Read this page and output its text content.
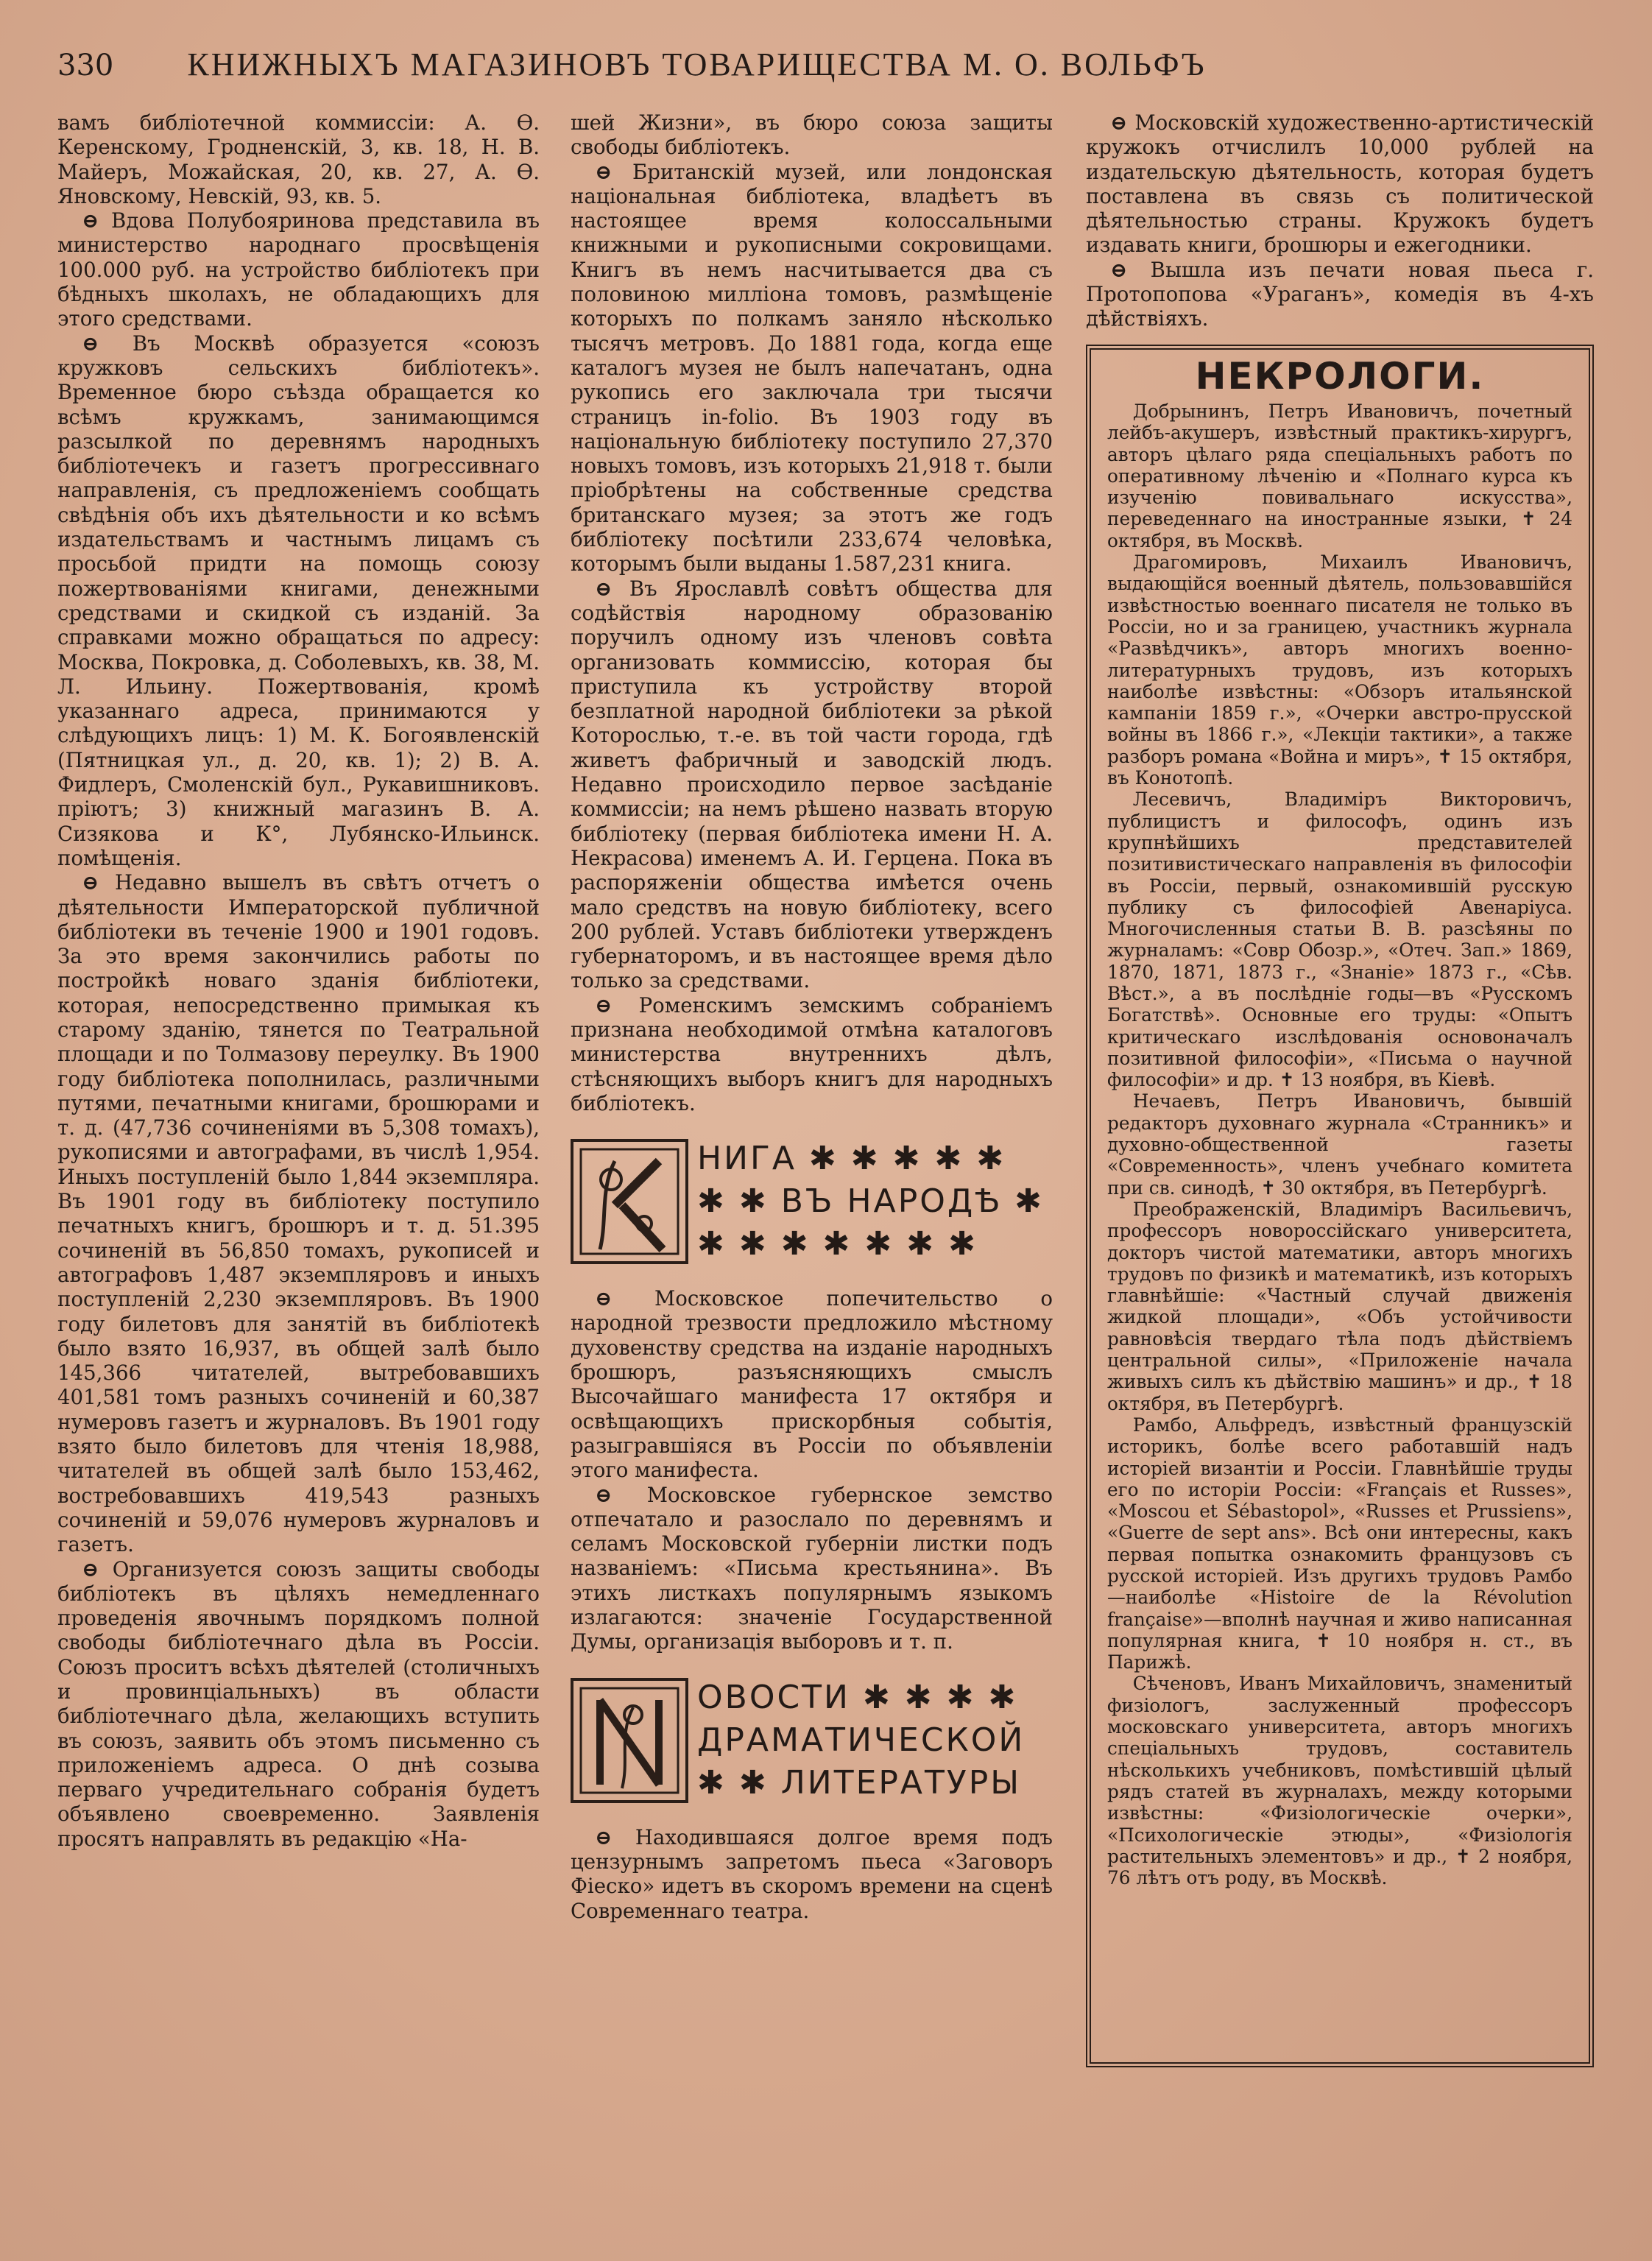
330 КНИЖНЫХЪ МАГАЗИНОВЪ ТОВАРИЩЕСТВА М. О. ВОЛЬФЪ

вамъ библіотечной коммиссіи: А. Ѳ. Керенскому, Гродненскій, 3, кв. 18, Н. В. Майеръ, Можайская, 20, кв. 27, А. Ѳ. Яновскому, Невскій, 93, кв. 5.

⊖ Вдова Полубояринова представила въ министерство народнаго просвѣщенія 100.000 руб. на устройство библіотекъ при бѣдныхъ школахъ, не обладающихъ для этого средствами.

⊖ Въ Москвѣ образуется «союзъ кружковъ сельскихъ библіотекъ». Временное бюро съѣзда обращается ко всѣмъ кружкамъ, занимающимся разсылкой по деревнямъ народныхъ библіотечекъ и газетъ прогрессивнаго направленія, съ предложеніемъ сообщать свѣдѣнія объ ихъ дѣятельности и ко всѣмъ издательствамъ и частнымъ лицамъ съ просьбой придти на помощь союзу пожертвованіями книгами, денежными средствами и скидкой съ изданій. За справками можно обращаться по адресу: Москва, Покровка, д. Соболевыхъ, кв. 38, М. Л. Ильину. Пожертвованія, кромѣ указаннаго адреса, принимаются у слѣдующихъ лицъ: 1) М. К. Богоявленскій (Пятницкая ул., д. 20, кв. 1); 2) В. А. Фидлеръ, Смоленскій бул., Рукавишниковъ. пріютъ; 3) книжный магазинъ В. А. Сизякова и К°, Лубянско-Ильинск. помѣщенія.

⊖ Недавно вышелъ въ свѣтъ отчетъ о дѣятельности Императорской публичной библіотеки въ теченіе 1900 и 1901 годовъ. За это время закончились работы по постройкѣ новаго зданія библіотеки, которая, непосредственно примыкая къ старому зданію, тянется по Театральной площади и по Толмазову переулку. Въ 1900 году библіотека пополнилась, различными путями, печатными книгами, брошюрами и т. д. (47,736 сочиненіями въ 5,308 томахъ), рукописями и автографами, въ числѣ 1,954. Иныхъ поступленій было 1,844 экземпляра. Въ 1901 году въ библіотеку поступило печатныхъ книгъ, брошюръ и т. д. 51.395 сочиненій въ 56,850 томахъ, рукописей и автографовъ 1,487 экземпляровъ и иныхъ поступленій 2,230 экземпляровъ. Въ 1900 году билетовъ для занятій въ библіотекѣ было взято 16,937, въ общей залѣ было 145,366 читателей, вытребовавшихъ 401,581 томъ разныхъ сочиненій и 60,387 нумеровъ газетъ и журналовъ. Въ 1901 году взято было билетовъ для чтенія 18,988, читателей въ общей залѣ было 153,462, востребовавшихъ 419,543 разныхъ сочиненій и 59,076 нумеровъ журналовъ и газетъ.

⊖ Организуется союзъ защиты свободы библіотекъ въ цѣляхъ немедленнаго проведенія явочнымъ порядкомъ полной свободы библіотечнаго дѣла въ Россіи. Союзъ проситъ всѣхъ дѣятелей (столичныхъ и провинціальныхъ) въ области библіотечнаго дѣла, желающихъ вступить въ союзъ, заявить объ этомъ письменно съ приложеніемъ адреса. О днѣ созыва перваго учредительнаго собранія будетъ объявлено своевременно. Заявленія просятъ направлять въ редакцію «На-

шей Жизни», въ бюро союза защиты свободы библіотекъ.

⊖ Британскій музей, или лондонская національная библіотека, владѣетъ въ настоящее время колоссальными книжными и рукописными сокровищами. Книгъ въ немъ насчитывается два съ половиною милліона томовъ, размѣщеніе которыхъ по полкамъ заняло нѣсколько тысячъ метровъ. До 1881 года, когда еще каталогъ музея не былъ напечатанъ, одна рукопись его заключала три тысячи страницъ in-folio. Въ 1903 году въ національную библіотеку поступило 27,370 новыхъ томовъ, изъ которыхъ 21,918 т. были пріобрѣтены на собственные средства британскаго музея; за этотъ же годъ библіотеку посѣтили 233,674 человѣка, которымъ были выданы 1.587,231 книга.

⊖ Въ Ярославлѣ совѣтъ общества для содѣйствія народному образованію поручилъ одному изъ членовъ совѣта организовать коммиссію, которая бы приступила къ устройству второй безплатной народной библіотеки за рѣкой Которослью, т.-е. въ той части города, гдѣ живетъ фабричный и заводскій людъ. Недавно происходило первое засѣданіе коммиссіи; на немъ рѣшено назвать вторую библіотеку (первая библіотека имени Н. А. Некрасова) именемъ А. И. Герцена. Пока въ распоряженіи общества имѣется очень мало средствъ на новую библіотеку, всего 200 рублей. Уставъ библіотеки утвержденъ губернаторомъ, и въ настоящее время дѣло только за средствами.

⊖ Роменскимъ земскимъ собраніемъ признана необходимой отмѣна каталоговъ министерства внутреннихъ дѣлъ, стѣсняющихъ выборъ книгъ для народныхъ библіотекъ.

НИГА ✱ ✱ ✱ ✱ ✱
✱ ✱ ВЪ НАРОДѢ ✱
✱ ✱ ✱ ✱ ✱ ✱ ✱

⊖ Московское попечительство о народной трезвости предложило мѣстному духовенству средства на изданіе народныхъ брошюръ, разъясняющихъ смыслъ Высочайшаго манифеста 17 октября и освѣщающихъ прискорбныя событія, разыгравшіяся въ Россіи по объявленіи этого манифеста.

⊖ Московское губернское земство отпечатало и разослало по деревнямъ и селамъ Московской губерніи листки подъ названіемъ: «Письма крестьянина». Въ этихъ листкахъ популярнымъ языкомъ излагаются: значеніе Государственной Думы, организація выборовъ и т. п.

ОВОСТИ ✱ ✱ ✱ ✱
ДРАМАТИЧЕСКОЙ
✱ ✱ ЛИТЕРАТУРЫ

⊖ Находившаяся долгое время подъ цензурнымъ запретомъ пьеса «Заговоръ Фіеско» идетъ въ скоромъ времени на сценѣ Современнаго театра.

⊖ Московскій художественно-артистическій кружокъ отчислилъ 10,000 рублей на издательскую дѣятельность, которая будетъ поставлена въ связь съ политической дѣятельностью страны. Кружокъ будетъ издавать книги, брошюры и ежегодники.

⊖ Вышла изъ печати новая пьеса г. Протопопова «Ураганъ», комедія въ 4-хъ дѣйствіяхъ.

НЕКРОЛОГИ.

Добрынинъ, Петръ Ивановичъ, почетный лейбъ-акушеръ, извѣстный практикъ-хирургъ, авторъ цѣлаго ряда спеціальныхъ работъ по оперативному лѣченію и «Полнаго курса къ изученію повивальнаго искусства», переведеннаго на иностранные языки, ✝ 24 октября, въ Москвѣ.

Драгомировъ, Михаилъ Ивановичъ, выдающійся военный дѣятель, пользовавшійся извѣстностью военнаго писателя не только въ Россіи, но и за границею, участникъ журнала «Развѣдчикъ», авторъ многихъ военно-литературныхъ трудовъ, изъ которыхъ наиболѣе извѣстны: «Обзоръ итальянской кампаніи 1859 г.», «Очерки австро-прусской войны въ 1866 г.», «Лекціи тактики», а также разборъ романа «Война и миръ», ✝ 15 октября, въ Конотопѣ.

Лесевичъ, Владиміръ Викторовичъ, публицистъ и философъ, одинъ изъ крупнѣйшихъ представителей позитивистическаго направленія въ философіи въ Россіи, первый, ознакомившій русскую публику съ философіей Авенаріуса. Многочисленныя статьи В. В. разсѣяны по журналамъ: «Совр Обозр.», «Отеч. Зап.» 1869, 1870, 1871, 1873 г., «Знаніе» 1873 г., «Сѣв. Вѣст.», а въ послѣдніе годы—въ «Русскомъ Богатствѣ». Основные его труды: «Опытъ критическаго изслѣдованія основоначалъ позитивной философіи», «Письма о научной философіи» и др. ✝ 13 ноября, въ Кіевѣ.

Нечаевъ, Петръ Ивановичъ, бывшій редакторъ духовнаго журнала «Странникъ» и духовно-общественной газеты «Современность», членъ учебнаго комитета при св. синодѣ, ✝ 30 октября, въ Петербургѣ.

Преображенскій, Владиміръ Васильевичъ, профессоръ новороссійскаго университета, докторъ чистой математики, авторъ многихъ трудовъ по физикѣ и математикѣ, изъ которыхъ главнѣйшіе: «Частный случай движенія жидкой площади», «Объ устойчивости равновѣсія твердаго тѣла подъ дѣйствіемъ центральной силы», «Приложеніе начала живыхъ силъ къ дѣйствію машинъ» и др., ✝ 18 октября, въ Петербургѣ.

Рамбо, Альфредъ, извѣстный французскій историкъ, болѣе всего работавшій надъ исторіей византіи и Россіи. Главнѣйшіе труды его по исторіи Россіи: «Français et Russes», «Moscou et Sébastopol», «Russes et Prussiens», «Guerre de sept ans». Всѣ они интересны, какъ первая попытка ознакомить французовъ съ русской исторіей. Изъ другихъ трудовъ Рамбо—наиболѣе «Histoire de la Révolution française»—вполнѣ научная и живо написанная популярная книга, ✝ 10 ноября н. ст., въ Парижѣ.

Сѣченовъ, Иванъ Михайловичъ, знаменитый физіологъ, заслуженный профессоръ московскаго университета, авторъ многихъ спеціальныхъ трудовъ, составитель нѣсколькихъ учебниковъ, помѣстившій цѣлый рядъ статей въ журналахъ, между которыми извѣстны: «Физіологическіе очерки», «Психологическіе этюды», «Физіологія растительныхъ элементовъ» и др., ✝ 2 ноября, 76 лѣтъ отъ роду, въ Москвѣ.
